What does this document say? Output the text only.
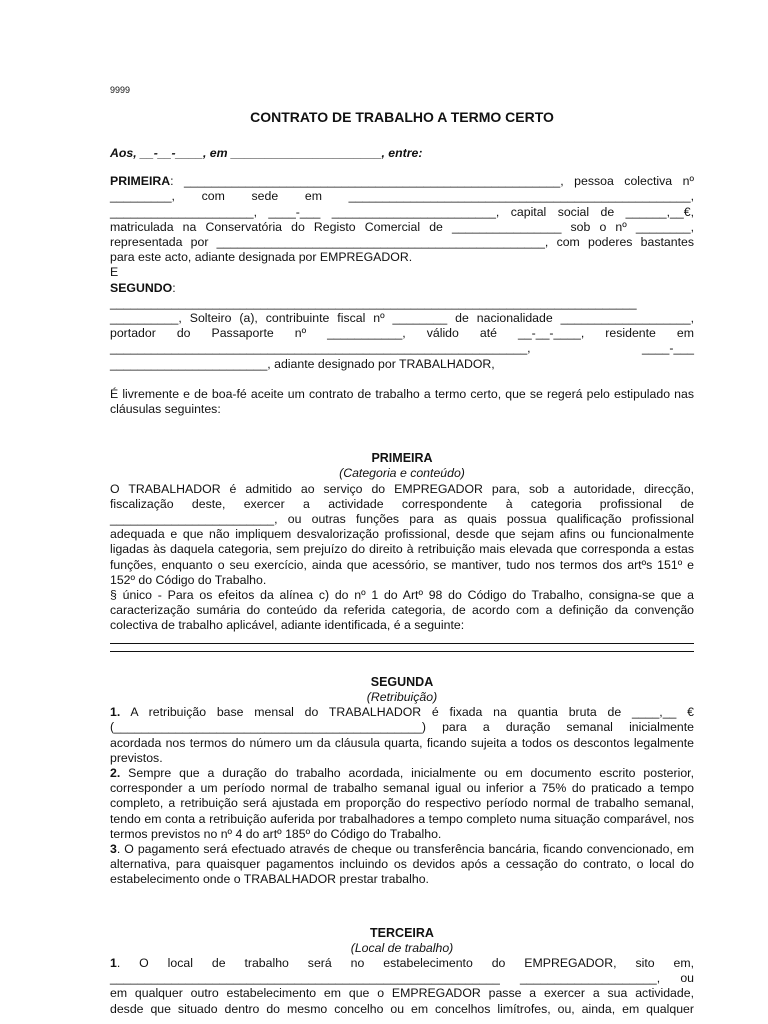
9999
CONTRATO DE TRABALHO A TERMO CERTO
Aos, __-__-____, em ______________________, entre:
PRIMEIRA: _______________________________________________________, pessoa colectiva nº
_________, com sede em __________________________________________________,
_____________________, ____-___ ________________________, capital social de ______,__€,
matriculada na Conservatória do Registo Comercial de ________________ sob o nº ________,
representada por ________________________________________________, com poderes bastantes
para este acto, adiante designada por EMPREGADOR.
E
SEGUNDO:
_____________________________________________________________________________
__________, Solteiro (a), contribuinte fiscal nº ________ de nacionalidade ___________________,
portador do Passaporte nº ___________, válido até __-__-____, residente em
_____________________________________________________________, ____-___
_______________________, adiante designado por TRABALHADOR,
É livremente e de boa-fé aceite um contrato de trabalho a termo certo, que se regerá pelo estipulado nas cláusulas seguintes:
PRIMEIRA
(Categoria e conteúdo)
O TRABALHADOR é admitido ao serviço do EMPREGADOR para, sob a autoridade, direcção,
fiscalização deste, exercer a actividade correspondente à categoria profissional de
________________________, ou outras funções para as quais possua qualificação profissional
adequada e que não impliquem desvalorização profissional, desde que sejam afins ou funcionalmente ligadas às daquela categoria, sem prejuízo do direito à retribuição mais elevada que corresponda a estas funções, enquanto o seu exercício, ainda que acessório, se mantiver, tudo nos termos dos artºs 151º e 152º do Código do Trabalho.
§ único - Para os efeitos da alínea c) do nº 1 do Artº 98 do Código do Trabalho, consigna-se que a caracterização sumária do conteúdo da referida categoria, de acordo com a definição da convenção colectiva de trabalho aplicável, adiante identificada, é a seguinte:
SEGUNDA
(Retribuição)
1. A retribuição base mensal do TRABALHADOR é fixada na quantia bruta de ____,__ €
(_____________________________________________) para a duração semanal inicialmente
acordada nos termos do número um da cláusula quarta, ficando sujeita a todos os descontos legalmente previstos.
2. Sempre que a duração do trabalho acordada, inicialmente ou em documento escrito posterior, corresponder a um período normal de trabalho semanal igual ou inferior a 75% do praticado a tempo completo, a retribuição será ajustada em proporção do respectivo período normal de trabalho semanal, tendo em conta a retribuição auferida por trabalhadores a tempo completo numa situação comparável, nos termos previstos no nº 4 do artº 185º do Código do Trabalho.
3. O pagamento será efectuado através de cheque ou transferência bancária, ficando convencionado, em alternativa, para quaisquer pagamentos incluindo os devidos após a cessação do contrato, o local do estabelecimento onde o TRABALHADOR prestar trabalho.
TERCEIRA
(Local de trabalho)
1. O local de trabalho será no estabelecimento do EMPREGADOR, sito em,
_________________________________________________________ ____________________, ou
em qualquer outro estabelecimento em que o EMPREGADOR passe a exercer a sua actividade,
desde que situado dentro do mesmo concelho ou em concelhos limítrofes, ou, ainda, em qualquer
